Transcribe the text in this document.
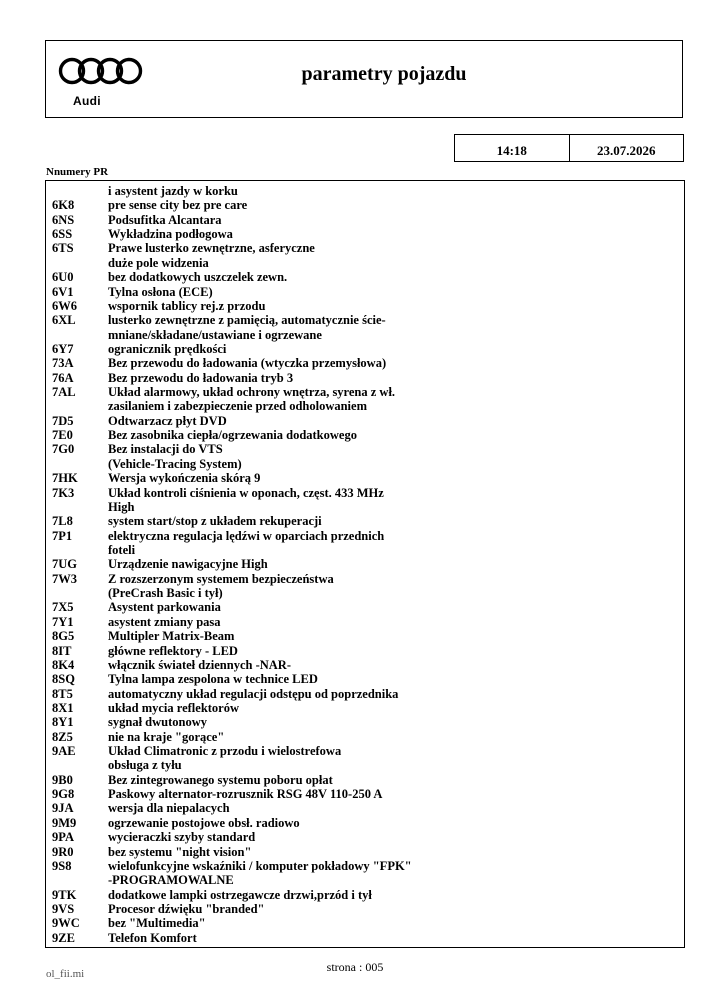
Audi
parametry pojazdu
14:18	23.07.2026
Nnumery PR
i asystent jazdy w korku
6K8	pre sense city bez pre care
6NS	Podsufitka Alcantara
6SS	Wykładzina podłogowa
6TS	Prawe lusterko zewnętrzne, asferyczne
duże pole widzenia
6U0	bez dodatkowych uszczelek zewn.
6V1	Tylna osłona (ECE)
6W6	wspornik tablicy rej.z przodu
6XL	lusterko zewnętrzne z pamięcią, automatycznie ście-
mniane/składane/ustawiane i ogrzewane
6Y7	ogranicznik prędkości
73A	Bez przewodu do ładowania (wtyczka przemysłowa)
76A	Bez przewodu do ładowania tryb 3
7AL	Układ alarmowy, układ ochrony wnętrza, syrena z wł.
zasilaniem i zabezpieczenie przed odholowaniem
7D5	Odtwarzacz płyt DVD
7E0	Bez zasobnika ciepła/ogrzewania dodatkowego
7G0	Bez instalacji do VTS
(Vehicle-Tracing System)
7HK	Wersja wykończenia skórą 9
7K3	Układ kontroli ciśnienia w oponach, częst. 433 MHz
High
7L8	system start/stop z układem rekuperacji
7P1	elektryczna regulacja lędźwi w oparciach przednich
foteli
7UG	Urządzenie nawigacyjne High
7W3	Z rozszerzonym systemem bezpieczeństwa
(PreCrash Basic i tył)
7X5	Asystent parkowania
7Y1	asystent zmiany pasa
8G5	Multipler Matrix-Beam
8IT	główne reflektory - LED
8K4	włącznik świateł dziennych -NAR-
8SQ	Tylna lampa zespolona w technice LED
8T5	automatyczny układ regulacji odstępu od poprzednika
8X1	układ mycia reflektorów
8Y1	sygnał dwutonowy
8Z5	nie na kraje "gorące"
9AE	Układ Climatronic z przodu i wielostrefowa
obsługa z tyłu
9B0	Bez zintegrowanego systemu poboru opłat
9G8	Paskowy alternator-rozrusznik RSG 48V 110-250 A
9JA	wersja dla niepalacych
9M9	ogrzewanie postojowe obsł. radiowo
9PA	wycieraczki szyby standard
9R0	bez systemu "night vision"
9S8	wielofunkcyjne wskaźniki / komputer pokładowy "FPK"
-PROGRAMOWALNE
9TK	dodatkowe lampki ostrzegawcze drzwi,przód i tył
9VS	Procesor dźwięku "branded"
9WC	bez "Multimedia"
9ZE	Telefon Komfort
strona : 005
ol_fii.mi
